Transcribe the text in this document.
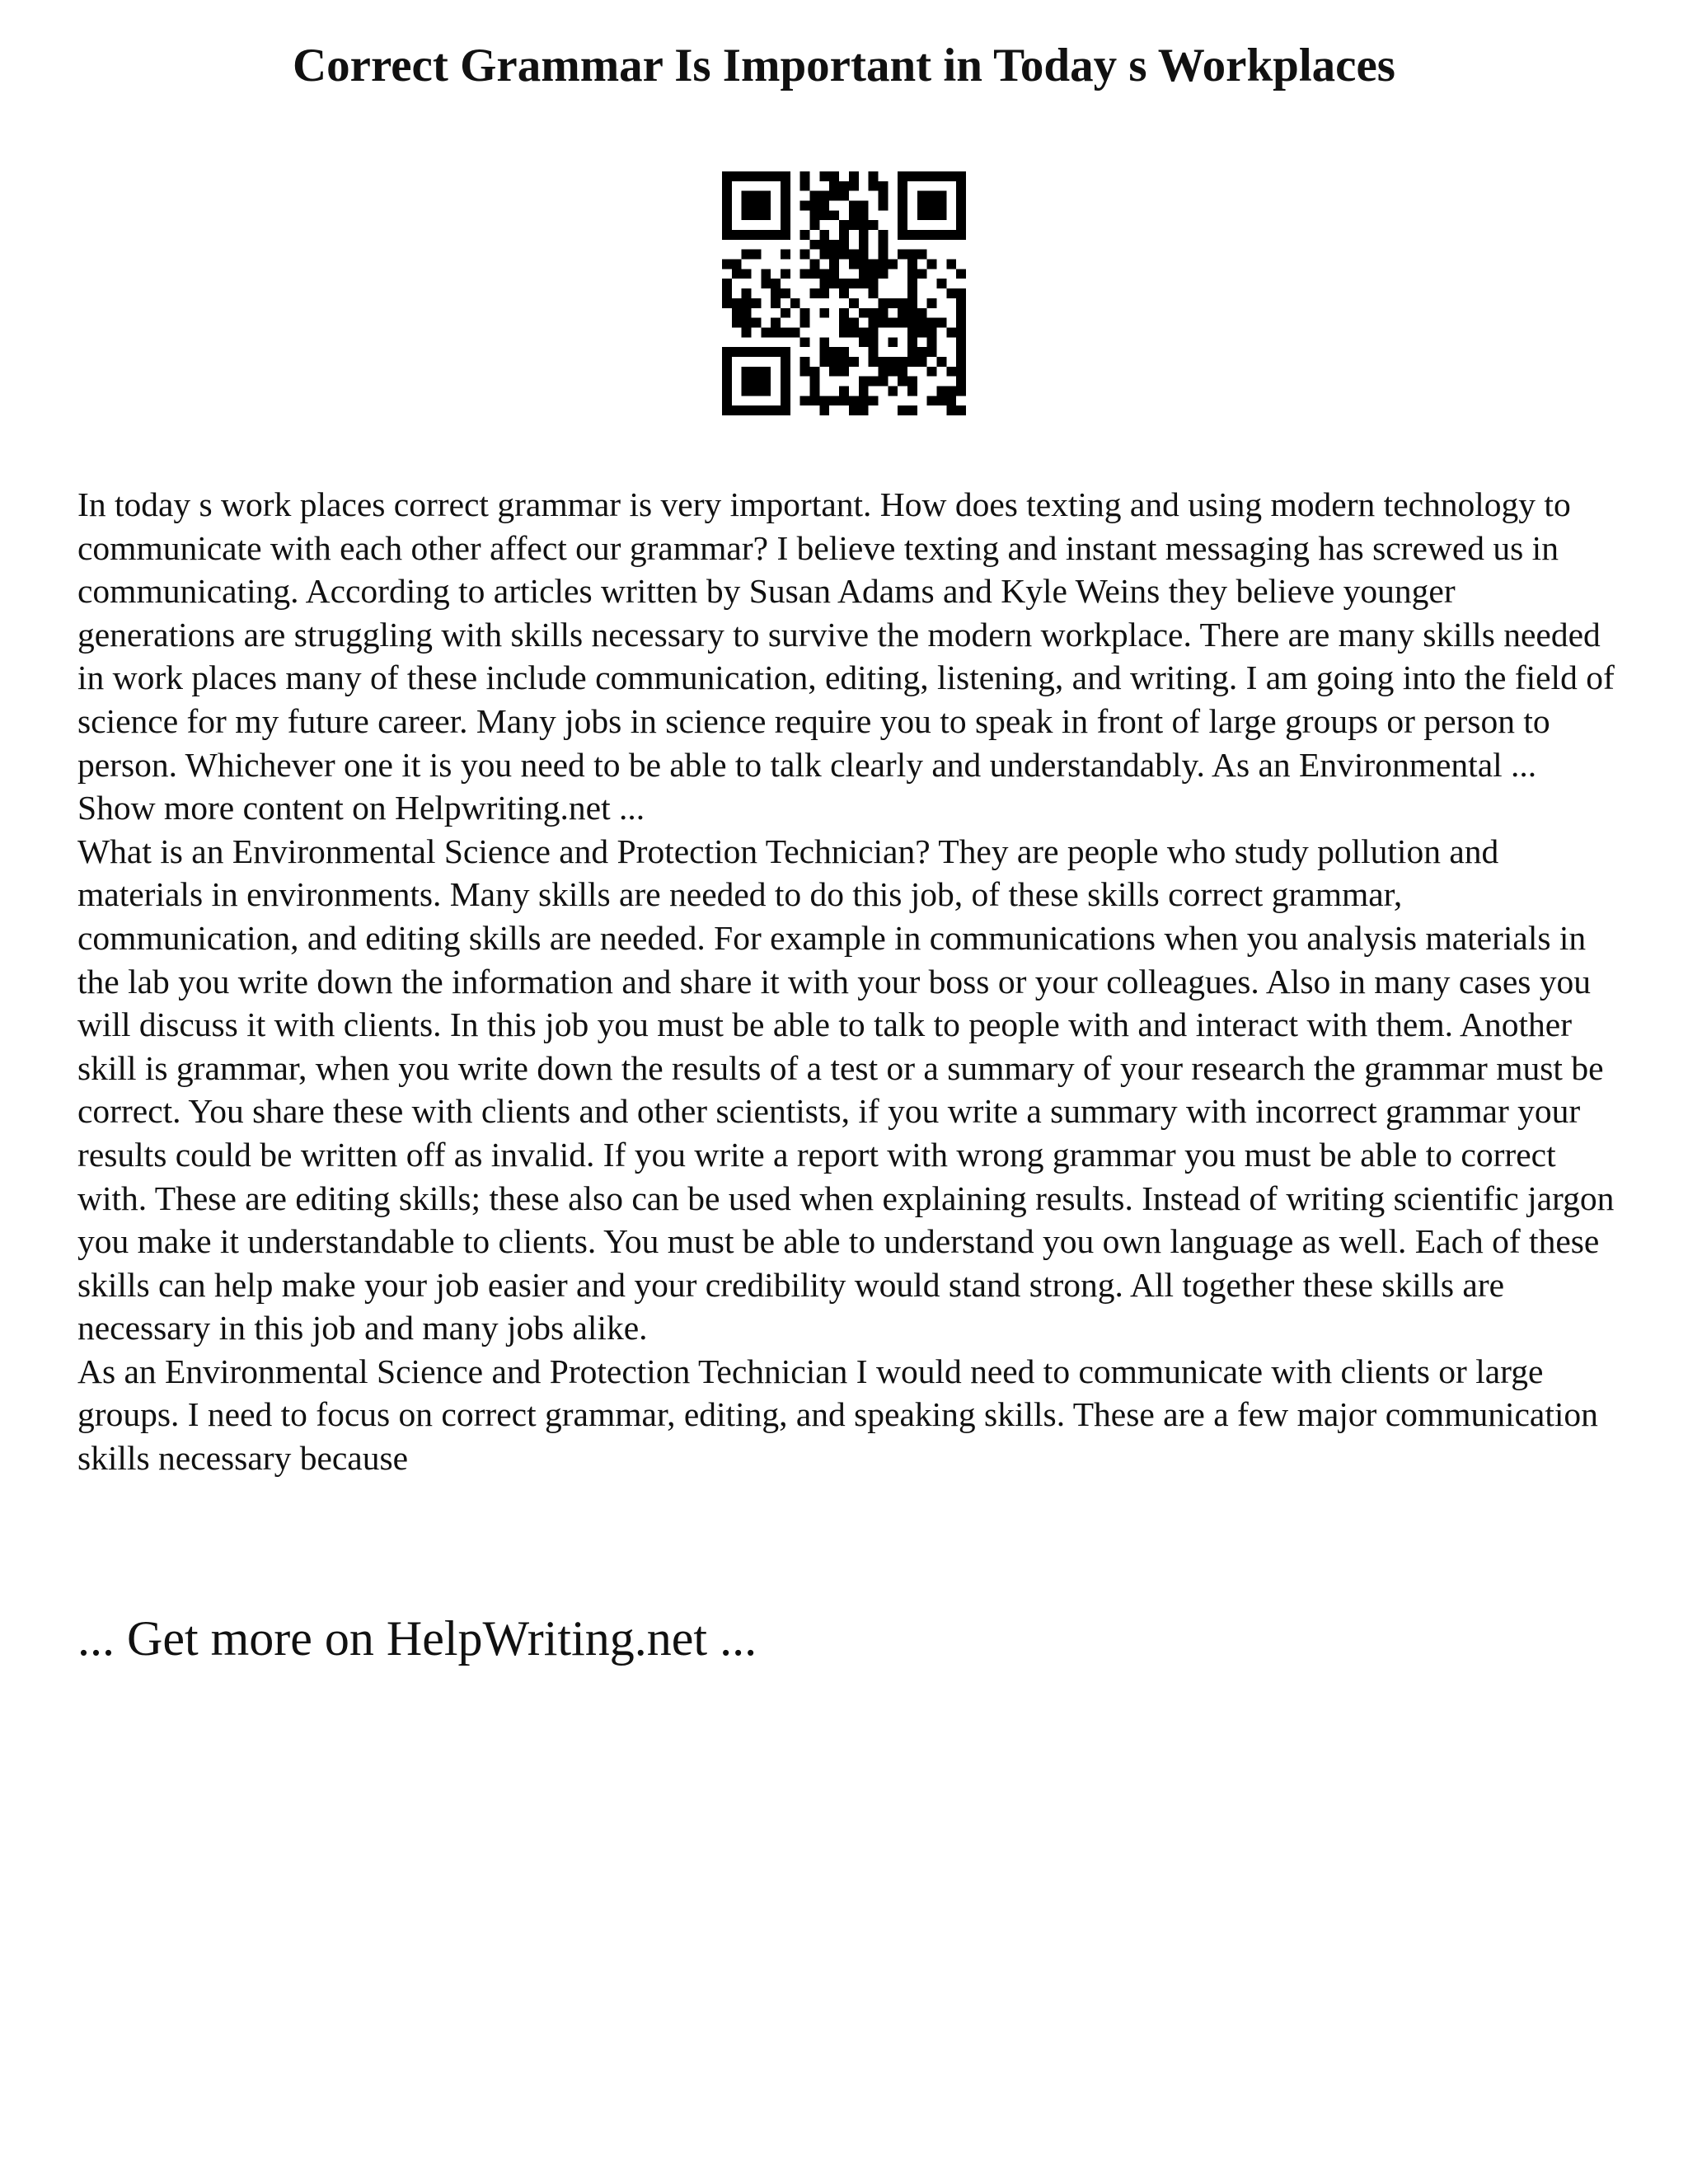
Correct Grammar Is Important in Today s Workplaces

In today s work places correct grammar is very important. How does texting and using modern technology to communicate with each other affect our grammar? I believe texting and instant messaging has screwed us in communicating. According to articles written by Susan Adams and Kyle Weins they believe younger generations are struggling with skills necessary to survive the modern workplace. There are many skills needed in work places many of these include communication, editing, listening, and writing. I am going into the field of science for my future career. Many jobs in science require you to speak in front of large groups or person to person. Whichever one it is you need to be able to talk clearly and understandably. As an Environmental ... Show more content on Helpwriting.net ...

What is an Environmental Science and Protection Technician? They are people who study pollution and materials in environments. Many skills are needed to do this job, of these skills correct grammar, communication, and editing skills are needed. For example in communications when you analysis materials in the lab you write down the information and share it with your boss or your colleagues. Also in many cases you will discuss it with clients. In this job you must be able to talk to people with and interact with them. Another skill is grammar, when you write down the results of a test or a summary of your research the grammar must be correct. You share these with clients and other scientists, if you write a summary with incorrect grammar your results could be written off as invalid. If you write a report with wrong grammar you must be able to correct with. These are editing skills; these also can be used when explaining results. Instead of writing scientific jargon you make it understandable to clients. You must be able to understand you own language as well. Each of these skills can help make your job easier and your credibility would stand strong. All together these skills are necessary in this job and many jobs alike.

As an Environmental Science and Protection Technician I would need to communicate with clients or large groups. I need to focus on correct grammar, editing, and speaking skills. These are a few major communication skills necessary because

... Get more on HelpWriting.net ...
